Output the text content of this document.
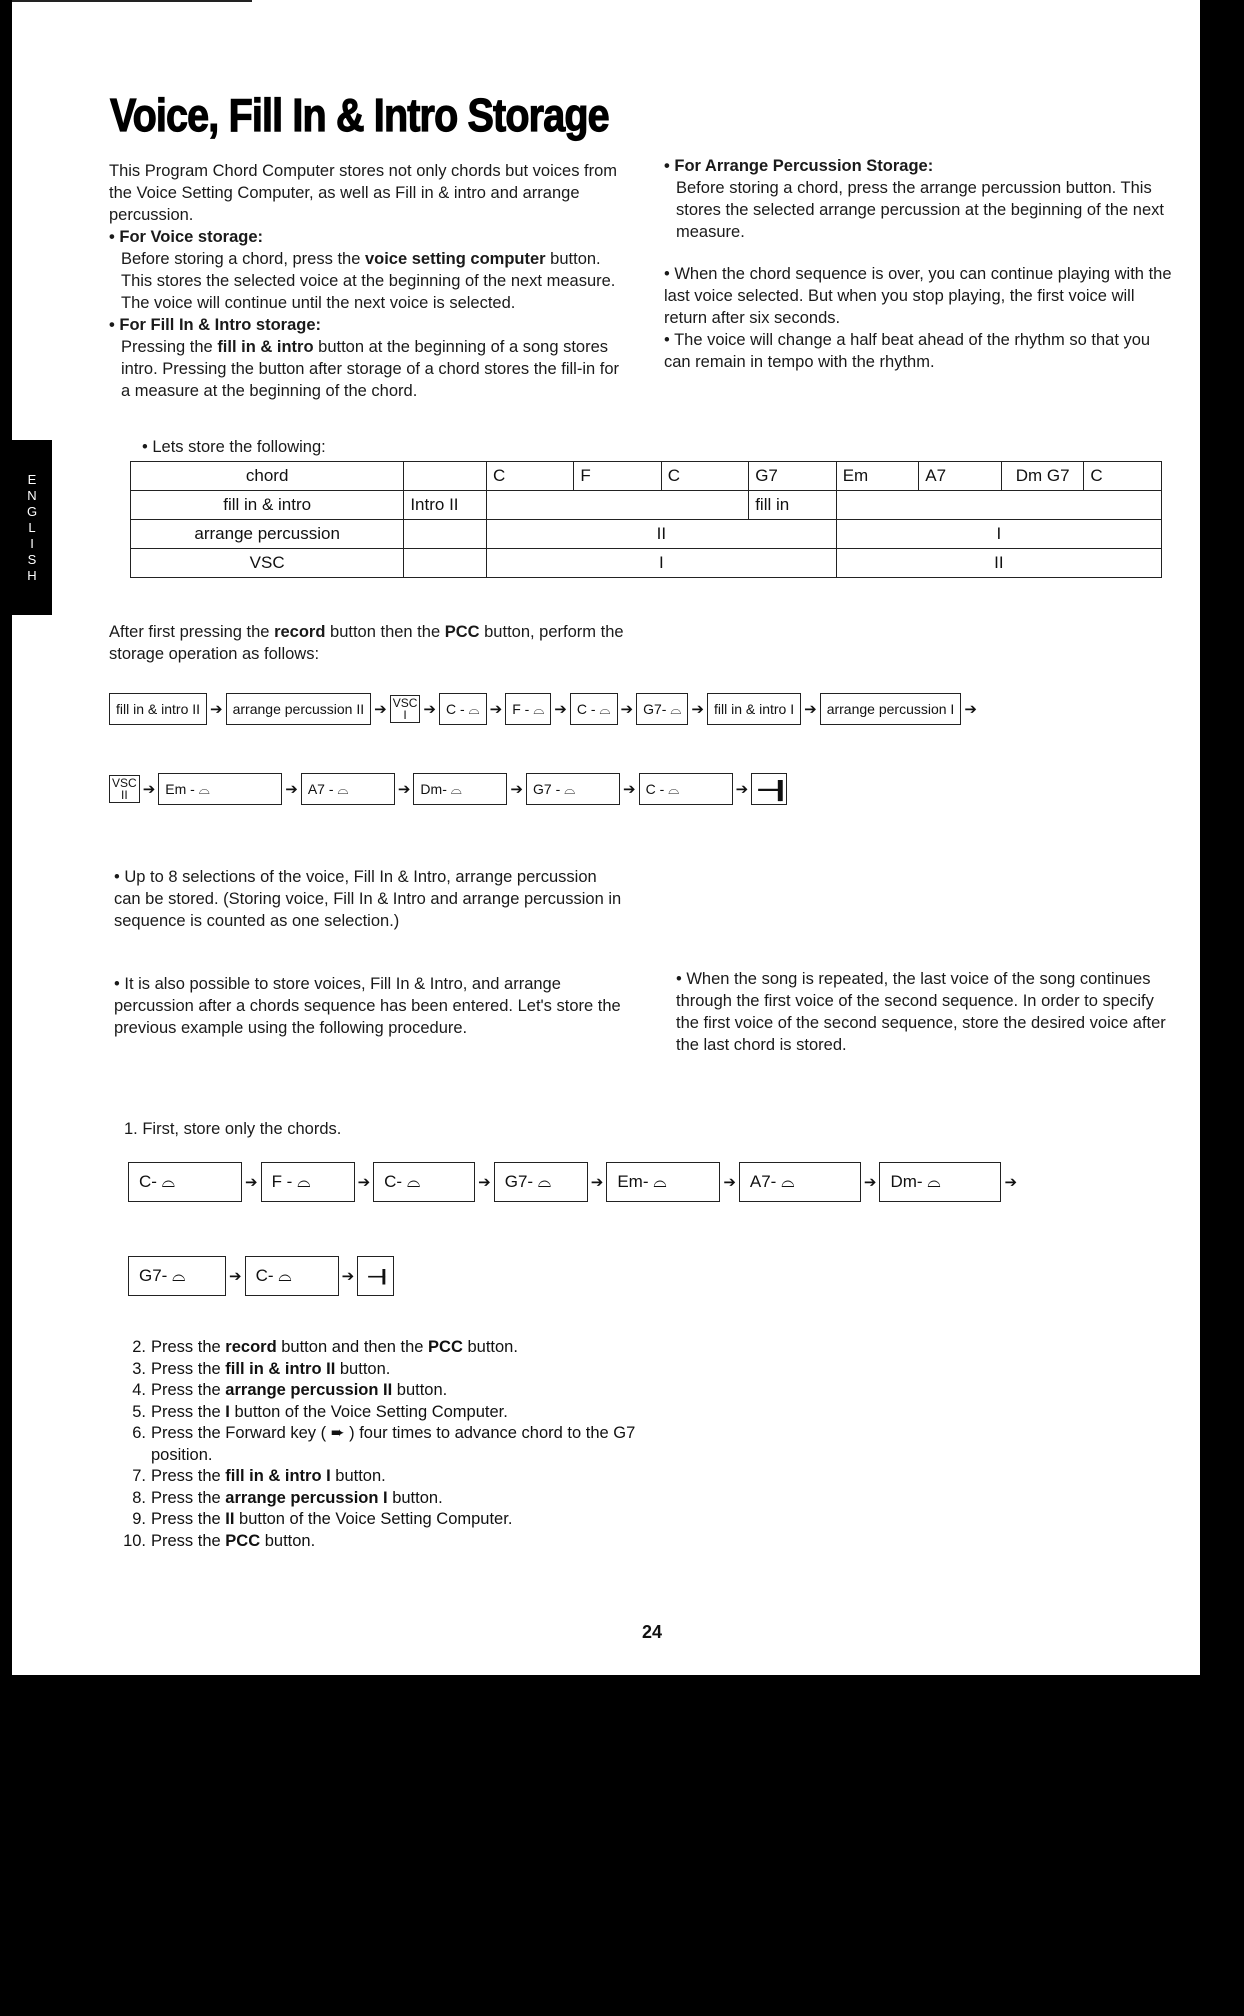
Voice, Fill In & Intro Storage

This Program Chord Computer stores not only chords but voices from the Voice Setting Computer, as well as Fill in & intro and arrange percussion.

• For Voice storage:

Before storing a chord, press the voice setting computer button. This stores the selected voice at the beginning of the next measure. The voice will continue until the next voice is selected.

• For Fill In & Intro storage:

Pressing the fill in & intro button at the beginning of a song stores intro. Pressing the button after storage of a chord stores the fill-in for a measure at the beginning of the chord.

• For Arrange Percussion Storage:

Before storing a chord, press the arrange percussion button. This stores the selected arrange percussion at the beginning of the next measure.

• When the chord sequence is over, you can continue playing with the last voice selected. But when you stop playing, the first voice will return after six seconds.

• The voice will change a half beat ahead of the rhythm so that you can remain in tempo with the rhythm.

• Lets store the following:
ENGLISH	chord		C	F	C	G7	Em	A7	Dm G7	C
fill in & intro	Intro II				fill in				
arrange percussion		II				I			
VSC		I				II			
After first pressing the record button then the PCC button, perform the storage operation as follows:
fill in & intro II ➔ arrange percussion II ➔ VSC
I	➔ C - ⌓ ➔ F - ⌓ ➔ C - ⌓ ➔ G7- ⌓ ➔ fill in & intro I ➔ arrange percussion I ➔
VSC
II	➔ Em - ⌓	➔ A7 - ⌓	➔ Dm- ⌓	➔ G7 - ⌓	➔ C - ⌓	➔ —||
• Up to 8 selections of the voice, Fill In & Intro, arrange percussion can be stored. (Storing voice, Fill In & Intro and arrange percussion in sequence is counted as one selection.)
• It is also possible to store voices, Fill In & Intro, and arrange percussion after a chords sequence has been entered. Let's store the previous example using the following procedure.
• When the song is repeated, the last voice of the song continues through the first voice of the second sequence. In order to specify the first voice of the second sequence, store the desired voice after the last chord is stored.
1. First, store only the chords.
C- ⌓	➔ F - ⌓	➔ C- ⌓	➔ G7- ⌓	➔ Em- ⌓	➔ A7- ⌓	➔ Dm- ⌓	➔
G7- ⌓	➔ C- ⌓	➔ —||
2. Press the record button and then the PCC button.
3. Press the fill in & intro II button.
4. Press the arrange percussion II button.
5. Press the I button of the Voice Setting Computer.
6. Press the Forward key ( ➨ ) four times to advance chord to the G7 position.
7. Press the fill in & intro I button.
8. Press the arrange percussion I button.
9. Press the II button of the Voice Setting Computer.
10. Press the PCC button.
24
